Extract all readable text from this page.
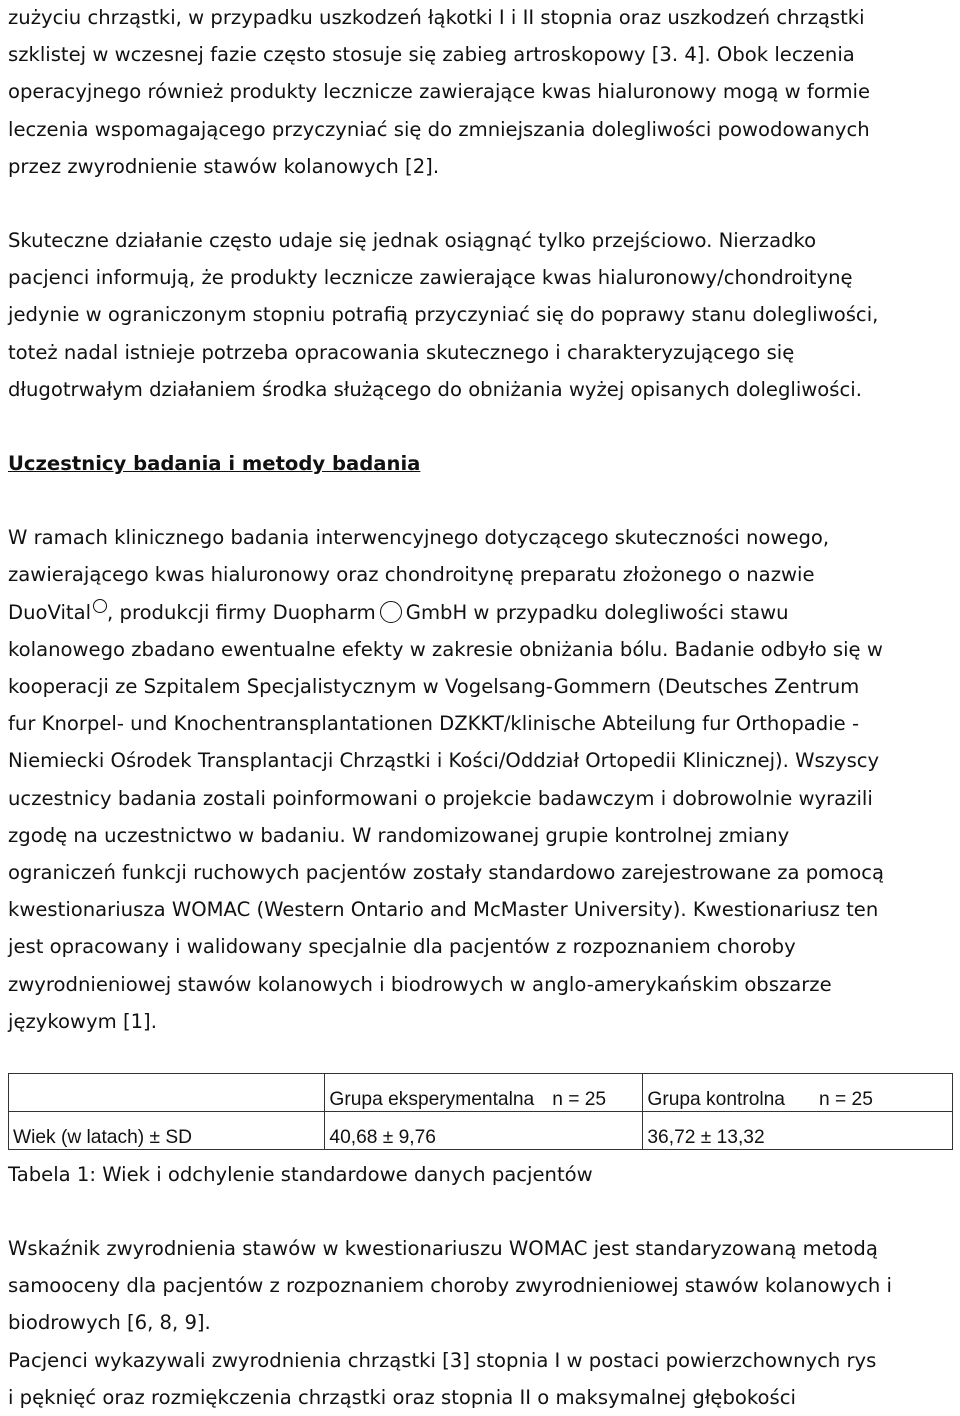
zużyciu chrząstki, w przypadku uszkodzeń łąkotki I i II stopnia oraz uszkodzeń chrząstki
szklistej w wczesnej fazie często stosuje się zabieg artroskopowy [3. 4]. Obok leczenia
operacyjnego również produkty lecznicze zawierające kwas hialuronowy mogą w formie
leczenia wspomagającego przyczyniać się do zmniejszania dolegliwości powodowanych
przez zwyrodnienie stawów kolanowych [2].
Skuteczne działanie często udaje się jednak osiągnąć tylko przejściowo. Nierzadko
pacjenci informują, że produkty lecznicze zawierające kwas hialuronowy/chondroitynę
jedynie w ograniczonym stopniu potrafią przyczyniać się do poprawy stanu dolegliwości,
toteż nadal istnieje potrzeba opracowania skutecznego i charakteryzującego się
długotrwałym działaniem środka służącego do obniżania wyżej opisanych dolegliwości.
Uczestnicy badania i metody badania
W ramach klinicznego badania interwencyjnego dotyczącego skuteczności nowego,
zawierającego kwas hialuronowy oraz chondroitynę preparatu złożonego o nazwie
DuoVital , produkcji firmy Duopharm GmbH w przypadku dolegliwości stawu
kolanowego zbadano ewentualne efekty w zakresie obniżania bólu. Badanie odbyło się w
kooperacji ze Szpitalem Specjalistycznym w Vogelsang-Gommern (Deutsches Zentrum
fur Knorpel- und Knochentransplantationen DZKKT/klinische Abteilung fur Orthopadie -
Niemiecki Ośrodek Transplantacji Chrząstki i Kości/Oddział Ortopedii Klinicznej). Wszyscy
uczestnicy badania zostali poinformowani o projekcie badawczym i dobrowolnie wyrazili
zgodę na uczestnictwo w badaniu. W randomizowanej grupie kontrolnej zmiany
ograniczeń funkcji ruchowych pacjentów zostały standardowo zarejestrowane za pomocą
kwestionariusza WOMAC (Western Ontario and McMaster University). Kwestionariusz ten
jest opracowany i walidowany specjalnie dla pacjentów z rozpoznaniem choroby
zwyrodnieniowej stawów kolanowych i biodrowych w anglo-amerykańskim obszarze
językowym [1].
	Grupa eksperymentalna n = 25	Grupa kontrolna n = 25
Wiek (w latach) ± SD	40,68 ± 9,76	36,72 ± 13,32
Tabela 1: Wiek i odchylenie standardowe danych pacjentów
Wskaźnik zwyrodnienia stawów w kwestionariuszu WOMAC jest standaryzowaną metodą
samooceny dla pacjentów z rozpoznaniem choroby zwyrodnieniowej stawów kolanowych i
biodrowych [6, 8, 9].
Pacjenci wykazywali zwyrodnienia chrząstki [3] stopnia I w postaci powierzchownych rys
i pęknięć oraz rozmiękczenia chrząstki oraz stopnia II o maksymalnej głębokości
